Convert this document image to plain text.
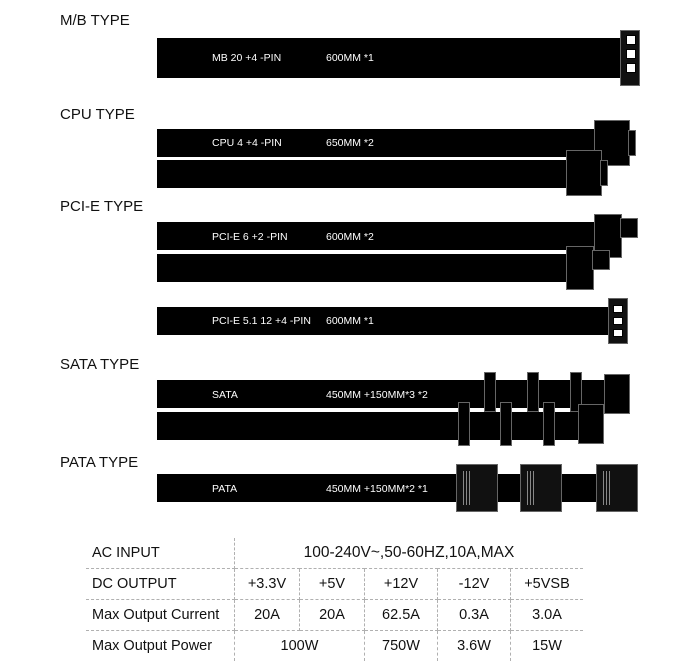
M/B TYPE
CPU TYPE
PCI-E TYPE
SATA TYPE
PATA TYPE
MB 20 +4 -PIN	600MM *1
CPU 4 +4 -PIN	650MM *2
PCI-E 6 +2 -PIN	600MM *2
PCI-E 5.1 12 +4 -PIN 600MM *1
SATA	450MM +150MM*3 *2
PATA	450MM +150MM*2 *1
AC INPUT	100-240V~,50-60HZ,10A,MAX				
DC OUTPUT	+3.3V	+5V	+12V	-12V	+5VSB
Max Output Current	20A	20A	62.5A	0.3A	3.0A
Max Output Power	100W		750W	3.6W	15W
